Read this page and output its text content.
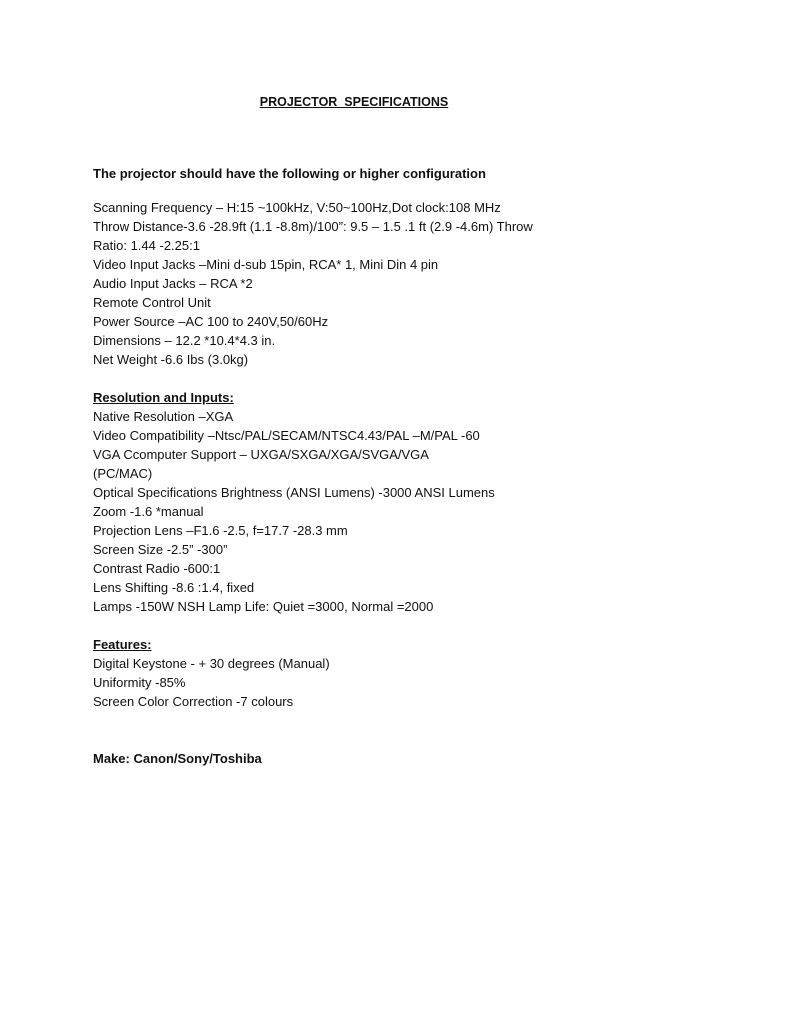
PROJECTOR  SPECIFICATIONS

The projector should have the following or higher configuration

Scanning Frequency – H:15 ~100kHz, V:50~100Hz,Dot clock:108 MHz

Throw Distance-3.6 -28.9ft (1.1 -8.8m)/100”: 9.5 – 1.5 .1 ft (2.9 -4.6m) Throw

Ratio: 1.44 -2.25:1

Video Input Jacks –Mini d-sub 15pin, RCA* 1, Mini Din 4 pin

Audio Input Jacks – RCA *2

Remote Control Unit

Power Source –AC 100 to 240V,50/60Hz

Dimensions – 12.2 *10.4*4.3 in.

Net Weight -6.6 Ibs (3.0kg)

Resolution and Inputs:

Native Resolution –XGA

Video Compatibility –Ntsc/PAL/SECAM/NTSC4.43/PAL –M/PAL -60

VGA Ccomputer Support – UXGA/SXGA/XGA/SVGA/VGA

(PC/MAC)

Optical Specifications Brightness (ANSI Lumens) -3000 ANSI Lumens

Zoom -1.6 *manual

Projection Lens –F1.6 -2.5, f=17.7 -28.3 mm

Screen Size -2.5” -300”

Contrast Radio -600:1

Lens Shifting -8.6 :1.4, fixed

Lamps -150W NSH Lamp Life: Quiet =3000, Normal =2000

Features:

Digital Keystone - + 30 degrees (Manual)

Uniformity -85%

Screen Color Correction -7 colours

Make: Canon/Sony/Toshiba
